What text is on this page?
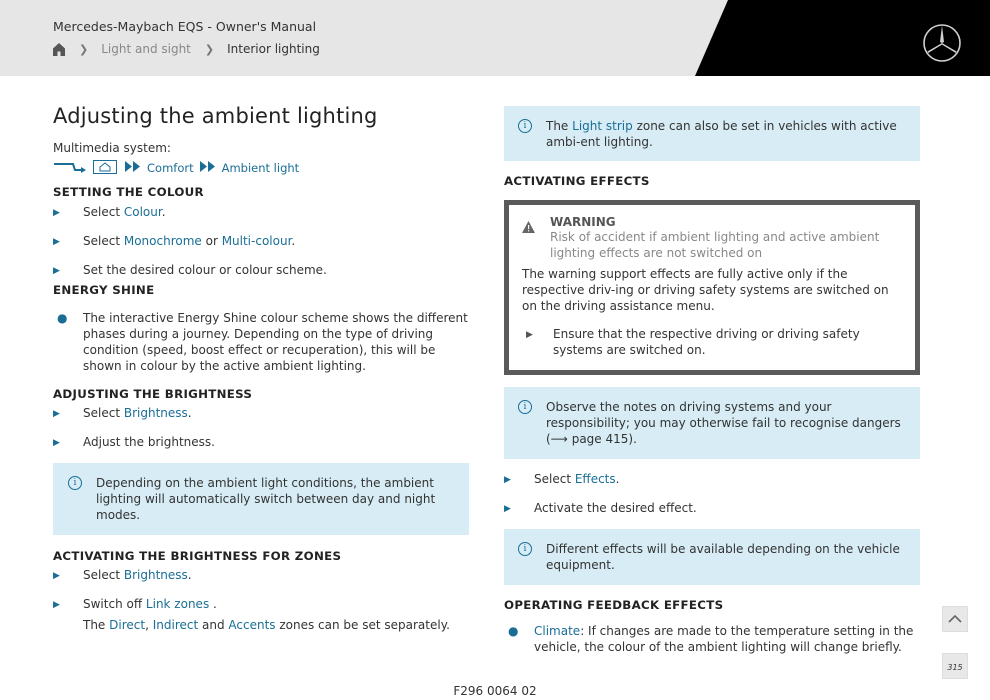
Mercedes-Maybach EQS - Owner's Manual
❯ Light and sight ❯ Interior lighting
Adjusting the ambient lighting
Multimedia system:
Comfort Ambient light
SETTING THE COLOUR
▶	Select Colour.
▶	Select Monochrome or Multi-colour.
▶	Set the desired colour or colour scheme.
ENERGY SHINE
●	The interactive Energy Shine colour scheme shows the different phases during a journey. Depending on the type of driving condition (speed, boost effect or recuperation), this will be shown in colour by the active ambient lighting.
ADJUSTING THE BRIGHTNESS
▶	Select Brightness.
▶	Adjust the brightness.
i	Depending on the ambient light conditions, the ambient lighting will automatically switch between day and night modes.
ACTIVATING THE BRIGHTNESS FOR ZONES
▶	Select Brightness.
▶	Switch off Link zones .
The Direct, Indirect and Accents zones can be set separately.
i	The Light strip zone can also be set in vehicles with active ambi-ent lighting.
ACTIVATING EFFECTS
WARNING
Risk of accident if ambient lighting and active ambient lighting effects are not switched on
The warning support effects are fully active only if the respective driv-ing or driving safety systems are switched on on the driving assistance menu.
▶	Ensure that the respective driving or driving safety systems are switched on.
i	Observe the notes on driving systems and your responsibility; you may otherwise fail to recognise dangers (⟶ page 415).
▶	Select Effects.
▶	Activate the desired effect.
i	Different effects will be available depending on the vehicle equipment.
OPERATING FEEDBACK EFFECTS
●	Climate: If changes are made to the temperature setting in the vehicle, the colour of the ambient lighting will change briefly.
F296 0064 02
315
